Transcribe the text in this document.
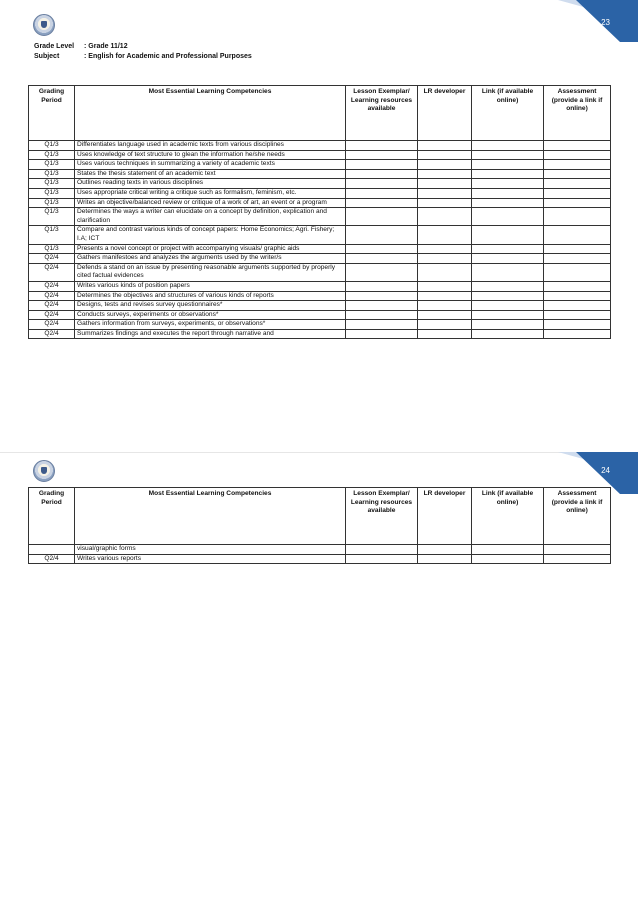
23
Grade Level : Grade 11/12
Subject	: English for Academic and Professional Purposes
Grading Period	Most Essential Learning Competencies	Lesson Exemplar/ Learning resources available	LR developer	Link (if available online)	Assessment (provide a link if online)
Q1/3	Differentiates language used in academic texts from various disciplines				
Q1/3	Uses knowledge of text structure to glean the information he/she needs				
Q1/3	Uses various techniques in summarizing a variety of academic texts				
Q1/3	States the thesis statement of an academic text				
Q1/3	Outlines reading texts in various disciplines				
Q1/3	Uses appropriate critical writing a critique such as formalism, feminism, etc.				
Q1/3	Writes an objective/balanced review or critique of a work of art, an event or a program				
Q1/3	Determines the ways a writer can elucidate on a concept by definition, explication and clarification				
Q1/3	Compare and contrast various kinds of concept papers: Home Economics; Agri. Fishery; I.A; ICT				
Q1/3	Presents a novel concept or project with accompanying visuals/ graphic aids				
Q2/4	Gathers manifestoes and analyzes the arguments used by the writer/s				
Q2/4	Defends a stand on an issue by presenting reasonable arguments supported by properly cited factual evidences				
Q2/4	Writes various kinds of position papers				
Q2/4	Determines the objectives and structures of various kinds of reports				
Q2/4	Designs, tests and revises survey questionnaires*				
Q2/4	Conducts surveys, experiments or observations*				
Q2/4	Gathers information from surveys, experiments, or observations*				
Q2/4	Summarizes findings and executes the report through narrative and				
24
Grading Period	Most Essential Learning Competencies	Lesson Exemplar/ Learning resources available	LR developer	Link (if available online)	Assessment (provide a link if online)
	visual/graphic forms				
Q2/4	Writes various reports				
